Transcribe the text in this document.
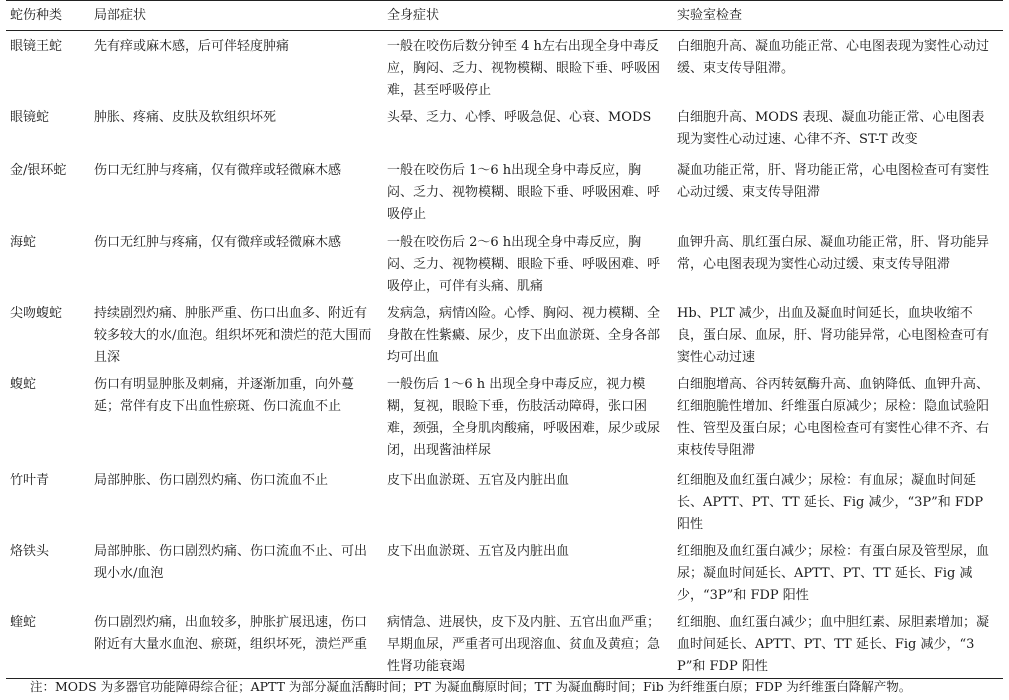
蛇伤种类	局部症状	全身症状	实验室检查
眼镜王蛇	先有痒或麻木感，后可伴轻度肿痛	一般在咬伤后数分钟至 4 h左右出现全身中毒反应，胸闷、乏力、视物模糊、眼睑下垂、呼吸困难，甚至呼吸停止	白细胞升高、凝血功能正常、心电图表现为窦性心动过缓、束支传导阻滞。
眼镜蛇	肿胀、疼痛、皮肤及软组织坏死	头晕、乏力、心悸、呼吸急促、心衰、MODS	白细胞升高、MODS 表现、凝血功能正常、心电图表现为窦性心动过速、心律不齐、ST-T 改变
金/银环蛇	伤口无红肿与疼痛，仅有微痒或轻微麻木感	一般在咬伤后 1～6 h出现全身中毒反应，胸闷、乏力、视物模糊、眼睑下垂、呼吸困难、呼吸停止	凝血功能正常，肝、肾功能正常，心电图检查可有窦性心动过缓、束支传导阻滞
海蛇	伤口无红肿与疼痛，仅有微痒或轻微麻木感	一般在咬伤后 2～6 h出现全身中毒反应，胸闷、乏力、视物模糊、眼睑下垂、呼吸困难、呼吸停止，可伴有头痛、肌痛	血钾升高、肌红蛋白尿、凝血功能正常，肝、肾功能异常，心电图表现为窦性心动过缓、束支传导阻滞
尖吻蝮蛇	持续剧烈灼痛、肿胀严重、伤口出血多、附近有较多较大的水/血泡。组织坏死和溃烂的范大围而且深	发病急，病情凶险。心悸、胸闷、视力模糊、全身散在性紫癜、尿少，皮下出血淤斑、全身各部均可出血	Hb、PLT 减少，出血及凝血时间延长，血块收缩不良，蛋白尿、血尿，肝、肾功能异常，心电图检查可有窦性心动过速
蝮蛇	伤口有明显肿胀及刺痛，并逐渐加重，向外蔓延；常伴有皮下出血性瘀斑、伤口流血不止	一般伤后 1～6 h 出现全身中毒反应，视力模糊，复视，眼睑下垂，伤肢活动障碍，张口困难，颈强，全身肌肉酸痛，呼吸困难，尿少或尿闭，出现酱油样尿	白细胞增高、谷丙转氨酶升高、血钠降低、血钾升高、红细胞脆性增加、纤维蛋白原减少；尿检：隐血试验阳性、管型及蛋白尿；心电图检查可有窦性心律不齐、右束枝传导阻滞
竹叶青	局部肿胀、伤口剧烈灼痛、伤口流血不止	皮下出血淤斑、五官及内脏出血	红细胞及血红蛋白减少；尿检：有血尿；凝血时间延长、APTT、PT、TT 延长、Fig 减少，“3P”和 FDP 阳性
烙铁头	局部肿胀、伤口剧烈灼痛、伤口流血不止、可出现小水/血泡	皮下出血淤斑、五官及内脏出血	红细胞及血红蛋白减少；尿检：有蛋白尿及管型尿，血尿；凝血时间延长、APTT、PT、TT 延长、Fig 减少，“3P”和 FDP 阳性
蝰蛇	伤口剧烈灼痛，出血较多，肿胀扩展迅速，伤口附近有大量水血泡、瘀斑，组织坏死，溃烂严重	病情急、进展快，皮下及内脏、五官出血严重；早期血尿，严重者可出现溶血、贫血及黄疸；急性肾功能衰竭	红细胞、血红蛋白减少；血中胆红素、尿胆素增加；凝血时间延长、APTT、PT、TT 延长、Fig 减少，“3P”和 FDP 阳性
注：MODS 为多器官功能障碍综合征；APTT 为部分凝血活酶时间；PT 为凝血酶原时间；TT 为凝血酶时间；Fib 为纤维蛋白原；FDP 为纤维蛋白降解产物。
